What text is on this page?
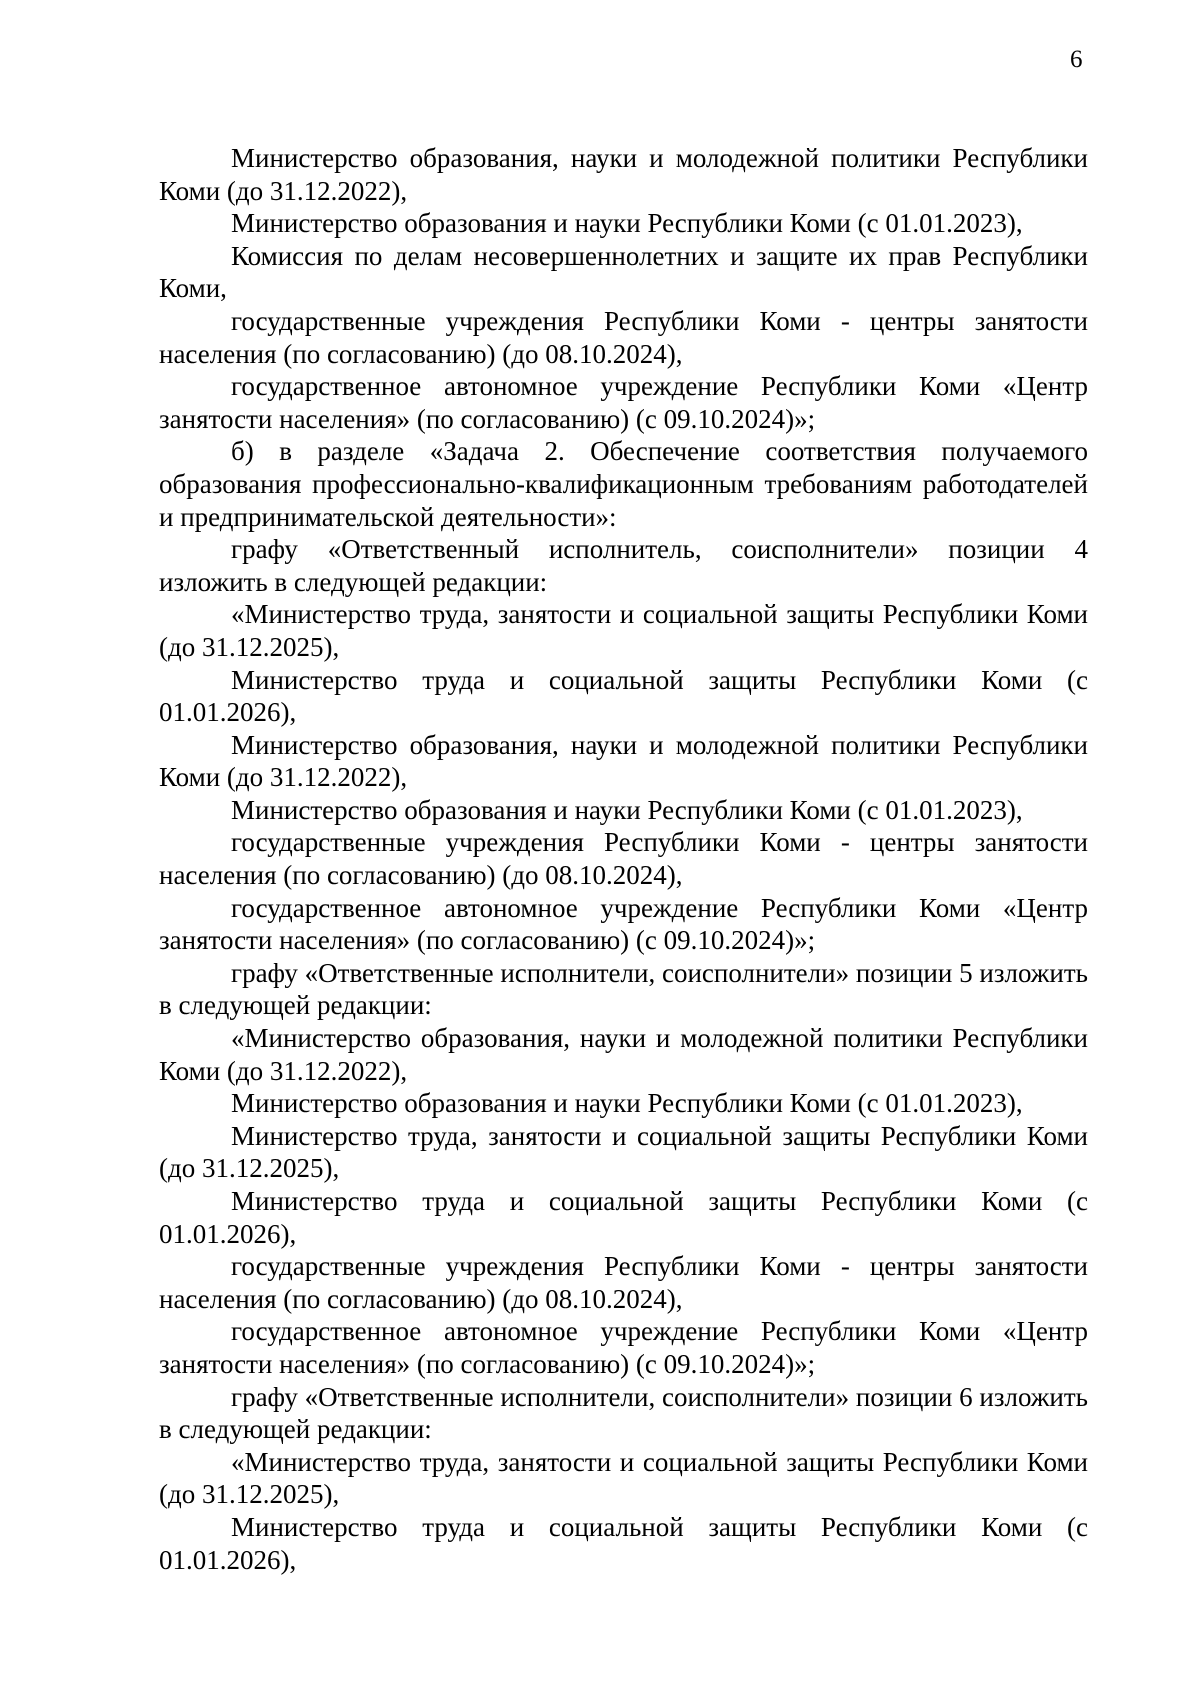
6

Министерство образования, науки и молодежной политики Республики Коми (до 31.12.2022),

Министерство образования и науки Республики Коми (с 01.01.2023),

Комиссия по делам несовершеннолетних и защите их прав Республики Коми,

государственные учреждения Республики Коми - центры занятости населения (по согласованию) (до 08.10.2024),

государственное автономное учреждение Республики Коми «Центр занятости населения» (по согласованию) (с 09.10.2024)»;

б) в разделе «Задача 2. Обеспечение соответствия получаемого образования профессионально-квалификационным требованиям работодателей и предпринимательской деятельности»:

графу «Ответственный исполнитель, соисполнители» позиции 4 изложить в следующей редакции:

«Министерство труда, занятости и социальной защиты Республики Коми (до 31.12.2025),

Министерство труда и социальной защиты Республики Коми (с 01.01.2026),

Министерство образования, науки и молодежной политики Республики Коми (до 31.12.2022),

Министерство образования и науки Республики Коми (с 01.01.2023),

государственные учреждения Республики Коми - центры занятости населения (по согласованию) (до 08.10.2024),

государственное автономное учреждение Республики Коми «Центр занятости населения» (по согласованию) (с 09.10.2024)»;

графу «Ответственные исполнители, соисполнители» позиции 5 изложить в следующей редакции:

«Министерство образования, науки и молодежной политики Республики Коми (до 31.12.2022),

Министерство образования и науки Республики Коми (с 01.01.2023),

Министерство труда, занятости и социальной защиты Республики Коми (до 31.12.2025),

Министерство труда и социальной защиты Республики Коми (с 01.01.2026),

государственные учреждения Республики Коми - центры занятости населения (по согласованию) (до 08.10.2024),

государственное автономное учреждение Республики Коми «Центр занятости населения» (по согласованию) (с 09.10.2024)»;

графу «Ответственные исполнители, соисполнители» позиции 6 изложить в следующей редакции:

«Министерство труда, занятости и социальной защиты Республики Коми (до 31.12.2025),

Министерство труда и социальной защиты Республики Коми (с 01.01.2026),
